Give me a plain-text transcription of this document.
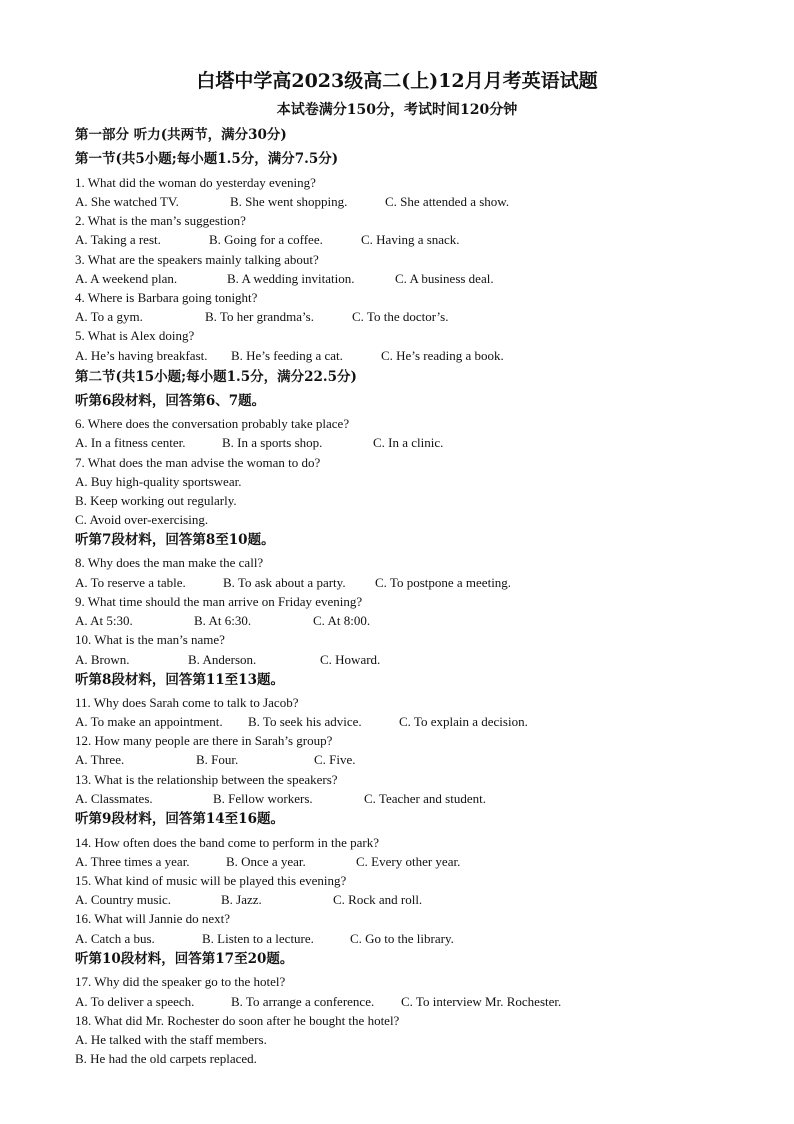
白塔中学高2023级高二(上)12月月考英语试题
本试卷满分150分，考试时间120分钟
第一部分 听力(共两节，满分30分)
第一节(共5小题;每小题1.5分，满分7.5分)
1. What did the woman do yesterday evening?
A. She watched TV.	B. She went shopping.	C. She attended a show.
2. What is the man’s suggestion?
A. Taking a rest.	B. Going for a coffee.	C. Having a snack.
3. What are the speakers mainly talking about?
A. A weekend plan.	B. A wedding invitation.	C. A business deal.
4. Where is Barbara going tonight?
A. To a gym.	B. To her grandma’s.	C. To the doctor’s.
5. What is Alex doing?
A. He’s having breakfast. B. He’s feeding a cat.	C. He’s reading a book.
第二节(共15小题;每小题1.5分，满分22.5分)
听第6段材料，回答第6、7题。
6. Where does the conversation probably take place?
A. In a fitness center.	B. In a sports shop.	C. In a clinic.
7. What does the man advise the woman to do?
A. Buy high-quality sportswear.
B. Keep working out regularly.
C. Avoid over-exercising.
听第7段材料，回答第8至10题。
8. Why does the man make the call?
A. To reserve a table.	B. To ask about a party. C. To postpone a meeting.
9. What time should the man arrive on Friday evening?
A. At 5:30.	B. At 6:30.	C. At 8:00.
10. What is the man’s name?
A. Brown.	B. Anderson.	C. Howard.
听第8段材料，回答第11至13题。
11. Why does Sarah come to talk to Jacob?
A. To make an appointment. B. To seek his advice.	C. To explain a decision.
12. How many people are there in Sarah’s group?
A. Three.	B. Four.	C. Five.
13. What is the relationship between the speakers?
A. Classmates.	B. Fellow workers.	C. Teacher and student.
听第9段材料，回答第14至16题。
14. How often does the band come to perform in the park?
A. Three times a year.	B. Once a year.	C. Every other year.
15. What kind of music will be played this evening?
A. Country music.	B. Jazz.	C. Rock and roll.
16. What will Jannie do next?
A. Catch a bus.	B. Listen to a lecture.	C. Go to the library.
听第10段材料，回答第17至20题。
17. Why did the speaker go to the hotel?
A. To deliver a speech.	B. To arrange a conference. C. To interview Mr. Rochester.
18. What did Mr. Rochester do soon after he bought the hotel?
A. He talked with the staff members.
B. He had the old carpets replaced.
